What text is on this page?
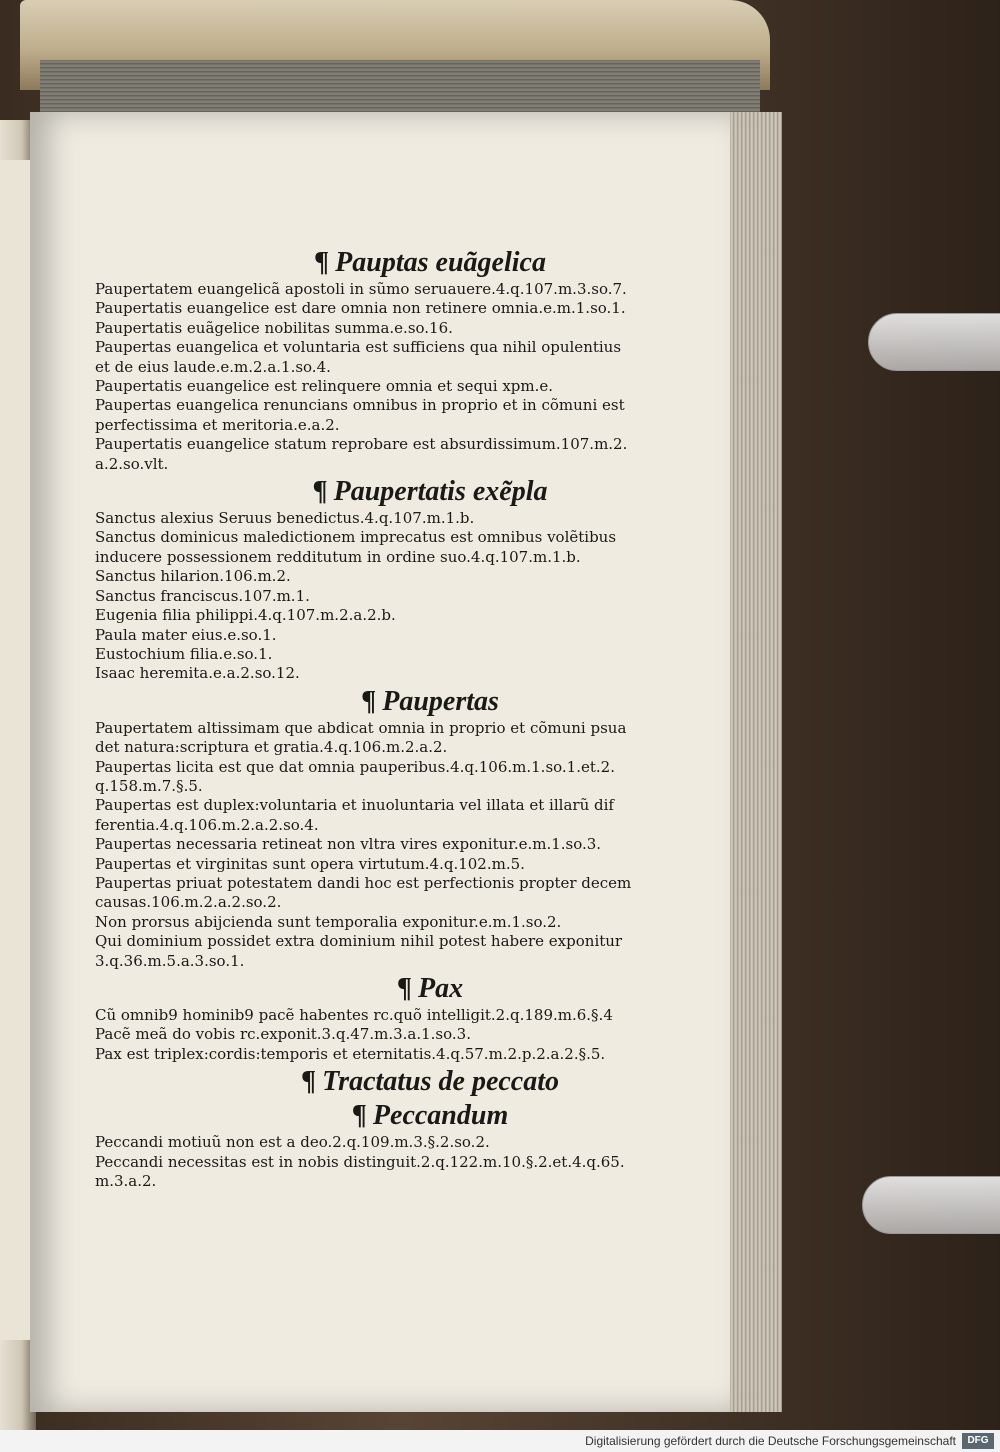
¶ Pauptas euãgelica
Paupertatem euangelicã apostoli in sũmo seruauere.4.q.107.m.3.so.7.
Paupertatis euangelice est dare omnia non retinere omnia.e.m.1.so.1.
Paupertatis euãgelice nobilitas summa.e.so.16.
Paupertas euangelica et voluntaria est sufficiens qua nihil opulentius
et de eius laude.e.m.2.a.1.so.4.
Paupertatis euangelice est relinquere omnia et sequi xpm.e.
Paupertas euangelica renuncians omnibus in proprio et in cõmuni est
perfectissima et meritoria.e.a.2.
Paupertatis euangelice statum reprobare est absurdissimum.107.m.2.
a.2.so.vlt.
¶ Paupertatis exẽpla
Sanctus alexius Seruus benedictus.4.q.107.m.1.b.
Sanctus dominicus maledictionem imprecatus est omnibus volẽtibus
inducere possessionem redditutum in ordine suo.4.q.107.m.1.b.
Sanctus hilarion.106.m.2.
Sanctus franciscus.107.m.1.
Eugenia filia philippi.4.q.107.m.2.a.2.b.
Paula mater eius.e.so.1.
Eustochium filia.e.so.1.
Isaac heremita.e.a.2.so.12.
¶ Paupertas
Paupertatem altissimam que abdicat omnia in proprio et cõmuni psua
det natura:scriptura et gratia.4.q.106.m.2.a.2.
Paupertas licita est que dat omnia pauperibus.4.q.106.m.1.so.1.et.2.
q.158.m.7.§.5.
Paupertas est duplex:voluntaria et inuoluntaria vel illata et illarũ dif
ferentia.4.q.106.m.2.a.2.so.4.
Paupertas necessaria retineat non vltra vires exponitur.e.m.1.so.3.
Paupertas et virginitas sunt opera virtutum.4.q.102.m.5.
Paupertas priuat potestatem dandi hoc est perfectionis propter decem
causas.106.m.2.a.2.so.2.
Non prorsus abijcienda sunt temporalia exponitur.e.m.1.so.2.
Qui dominium possidet extra dominium nihil potest habere exponitur
3.q.36.m.5.a.3.so.1.
¶ Pax
Cũ omnib9 hominib9 pacẽ habentes rc.quõ intelligit.2.q.189.m.6.§.4
Pacẽ meã do vobis rc.exponit.3.q.47.m.3.a.1.so.3.
Pax est triplex:cordis:temporis et eternitatis.4.q.57.m.2.p.2.a.2.§.5.
¶ Tractatus de peccato
¶ Peccandum
Peccandi motiuũ non est a deo.2.q.109.m.3.§.2.so.2.
Peccandi necessitas est in nobis distinguit.2.q.122.m.10.§.2.et.4.q.65.
m.3.a.2.
Digitalisierung gefördert durch die Deutsche Forschungsgemeinschaft	DFG
